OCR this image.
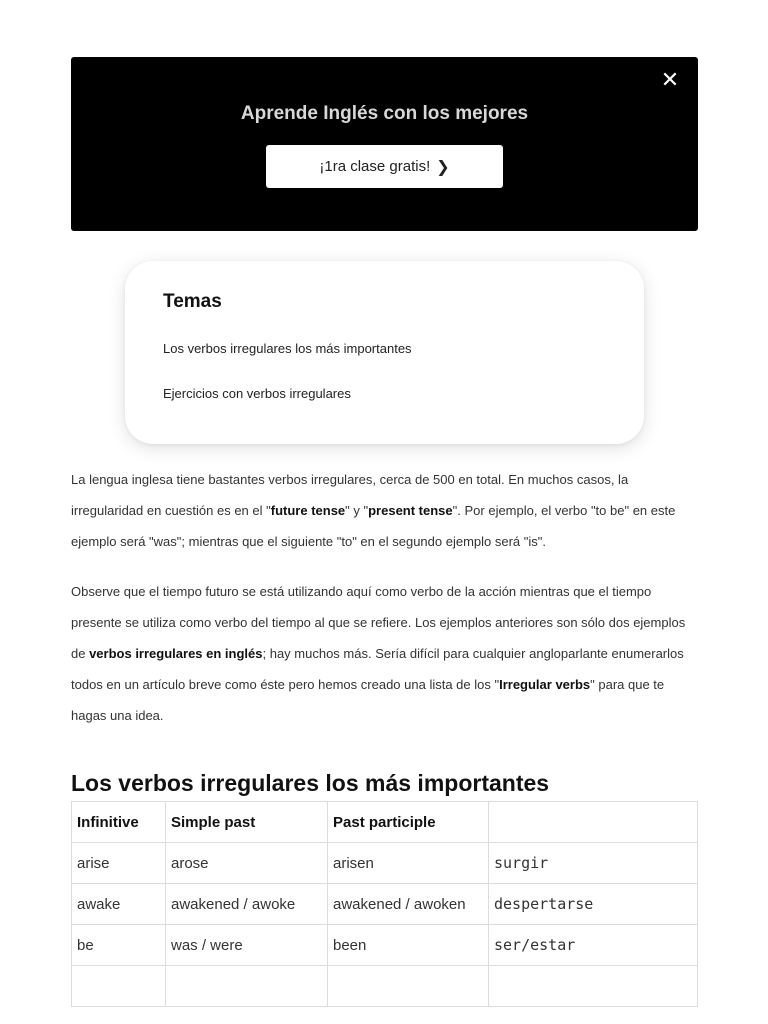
✕
Aprende Inglés con los mejores
¡1ra clase gratis! ❯
Temas
Los verbos irregulares los más importantes
Ejercicios con verbos irregulares

La lengua inglesa tiene bastantes verbos irregulares, cerca de 500 en total. En muchos casos, la irregularidad en cuestión es en el "future tense" y "present tense". Por ejemplo, el verbo "to be" en este ejemplo será "was"; mientras que el siguiente "to" en el segundo ejemplo será "is".

Observe que el tiempo futuro se está utilizando aquí como verbo de la acción mientras que el tiempo presente se utiliza como verbo del tiempo al que se refiere. Los ejemplos anteriores son sólo dos ejemplos de verbos irregulares en inglés; hay muchos más. Sería difícil para cualquier angloparlante enumerarlos todos en un artículo breve como éste pero hemos creado una lista de los "Irregular verbs" para que te hagas una idea.

Los verbos irregulares los más importantes
Infinitive	Simple past	Past participle	
arise	arose	arisen	surgir
awake	awakened / awoke	awakened / awoken	despertarse
be	was / were	been	ser/estar
